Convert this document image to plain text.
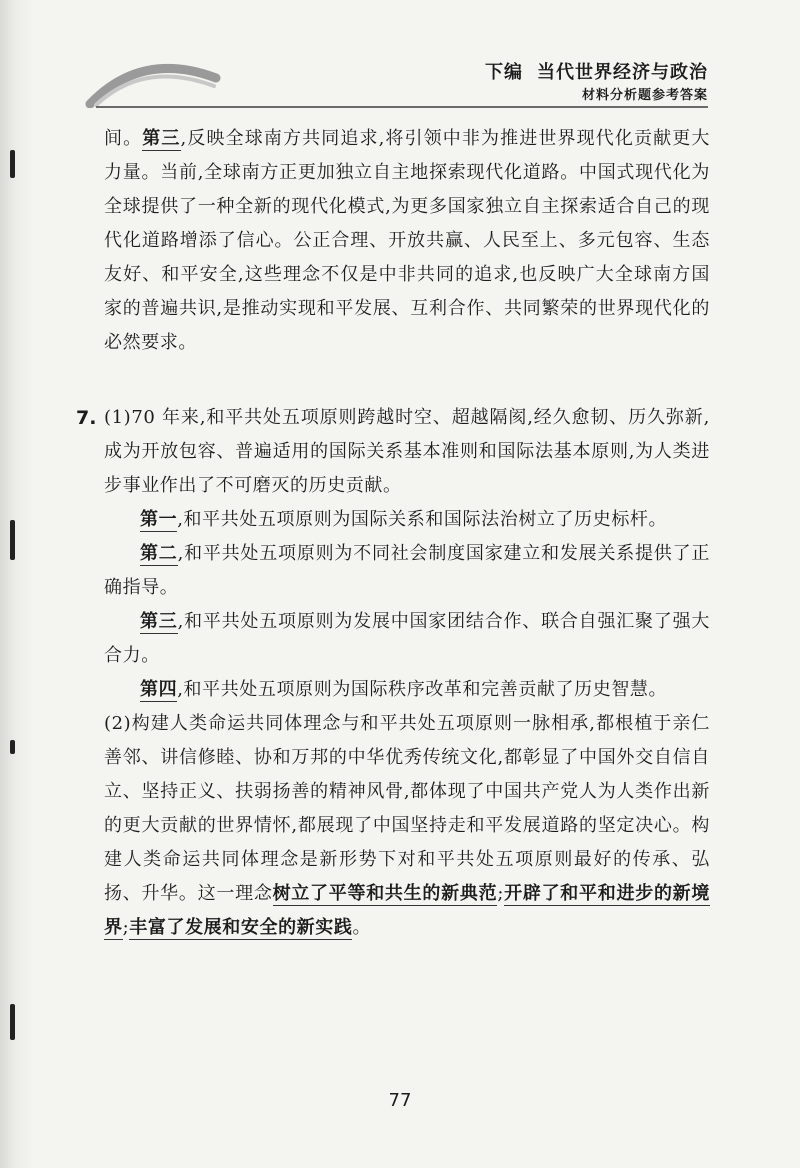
下编 当代世界经济与政治
材料分析题参考答案

间。第三,反映全球南方共同追求,将引领中非为推进世界现代化贡献更大力量。当前,全球南方正更加独立自主地探索现代化道路。中国式现代化为全球提供了一种全新的现代化模式,为更多国家独立自主探索适合自己的现代化道路增添了信心。公正合理、开放共赢、人民至上、多元包容、生态友好、和平安全,这些理念不仅是中非共同的追求,也反映广大全球南方国家的普遍共识,是推动实现和平发展、互利合作、共同繁荣的世界现代化的必然要求。

7. (1)70 年来,和平共处五项原则跨越时空、超越隔阂,经久愈韧、历久弥新,成为开放包容、普遍适用的国际关系基本准则和国际法基本原则,为人类进步事业作出了不可磨灭的历史贡献。

第一,和平共处五项原则为国际关系和国际法治树立了历史标杆。

第二,和平共处五项原则为不同社会制度国家建立和发展关系提供了正确指导。

第三,和平共处五项原则为发展中国家团结合作、联合自强汇聚了强大合力。

第四,和平共处五项原则为国际秩序改革和完善贡献了历史智慧。

(2)构建人类命运共同体理念与和平共处五项原则一脉相承,都根植于亲仁善邻、讲信修睦、协和万邦的中华优秀传统文化,都彰显了中国外交自信自立、坚持正义、扶弱扬善的精神风骨,都体现了中国共产党人为人类作出新的更大贡献的世界情怀,都展现了中国坚持走和平发展道路的坚定决心。构建人类命运共同体理念是新形势下对和平共处五项原则最好的传承、弘扬、升华。这一理念树立了平等和共生的新典范;开辟了和平和进步的新境界;丰富了发展和安全的新实践。

77
